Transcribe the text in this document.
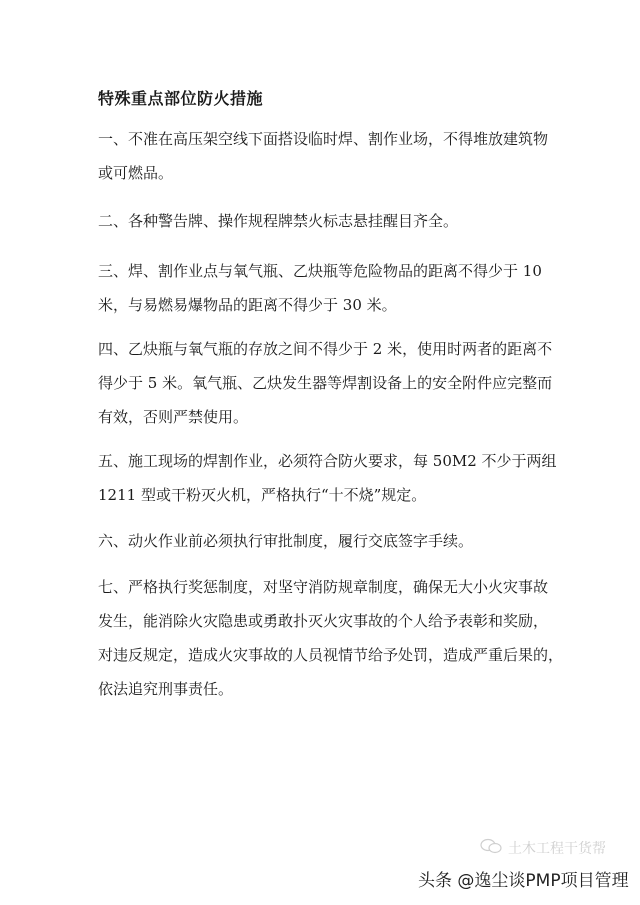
特殊重点部位防火措施
一、不准在高压架空线下面搭设临时焊、割作业场，不得堆放建筑物
或可燃品。
二、各种警告牌、操作规程牌禁火标志悬挂醒目齐全。
三、焊、割作业点与氧气瓶、乙炔瓶等危险物品的距离不得少于 10
米，与易燃易爆物品的距离不得少于 30 米。
四、乙炔瓶与氧气瓶的存放之间不得少于 2 米，使用时两者的距离不
得少于 5 米。氧气瓶、乙炔发生器等焊割设备上的安全附件应完整而
有效，否则严禁使用。
五、施工现场的焊割作业，必须符合防火要求，每 50M2 不少于两组
1211 型或干粉灭火机，严格执行“十不烧”规定。
六、动火作业前必须执行审批制度，履行交底签字手续。
七、严格执行奖惩制度，对坚守消防规章制度，确保无大小火灾事故
发生，能消除火灾隐患或勇敢扑灭火灾事故的个人给予表彰和奖励，
对违反规定，造成火灾事故的人员视情节给予处罚，造成严重后果的，
依法追究刑事责任。
土木工程干货帮
头条 @逸尘谈PMP项目管理
